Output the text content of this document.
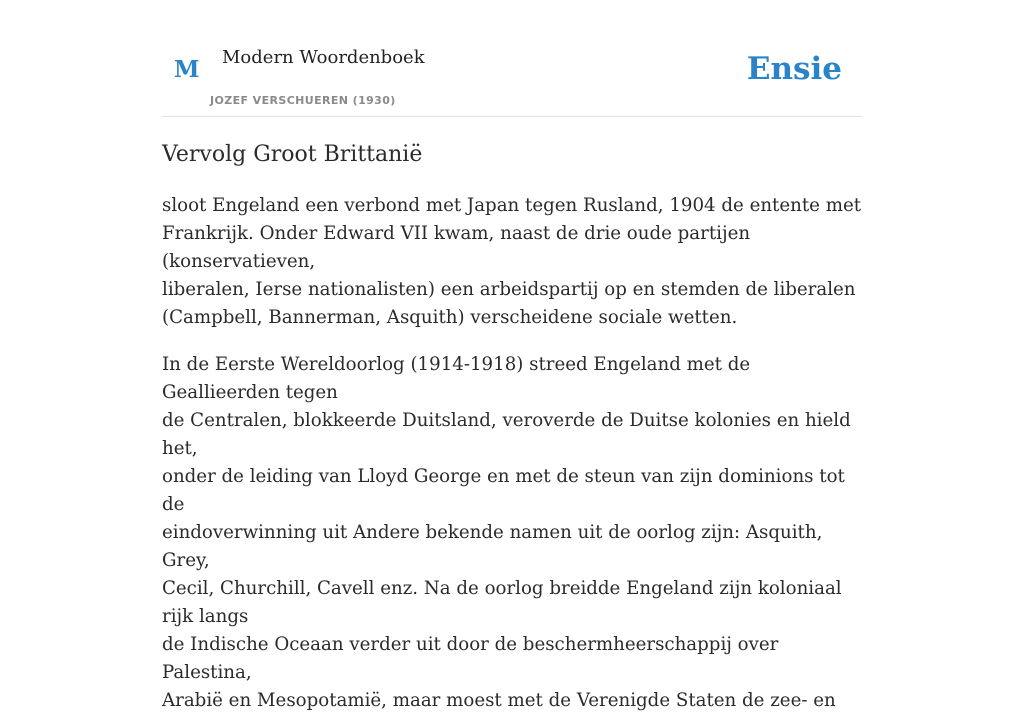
M Modern Woordenboek
JOZEF VERSCHUEREN (1930)
Ensie
Vervolg Groot Brittanië

sloot Engeland een verbond met Japan tegen Rusland, 1904 de entente met
Frankrijk. Onder Edward VII kwam, naast de drie oude partijen (konservatieven,
liberalen, Ierse nationalisten) een arbeidspartij op en stemden de liberalen
(Campbell, Bannerman, Asquith) verscheidene sociale wetten.

In de Eerste Wereldoorlog (1914-1918) streed Engeland met de Geallieerden tegen
de Centralen, blokkeerde Duitsland, veroverde de Duitse kolonies en hield het,
onder de leiding van Lloyd George en met de steun van zijn dominions tot de
eindoverwinning uit Andere bekende namen uit de oorlog zijn: Asquith, Grey,
Cecil, Churchill, Cavell enz. Na de oorlog breidde Engeland zijn koloniaal rijk langs
de Indische Oceaan verder uit door de beschermheerschappij over Palestina,
Arabië en Mesopotamië, maar moest met de Verenigde Staten de zee- en
